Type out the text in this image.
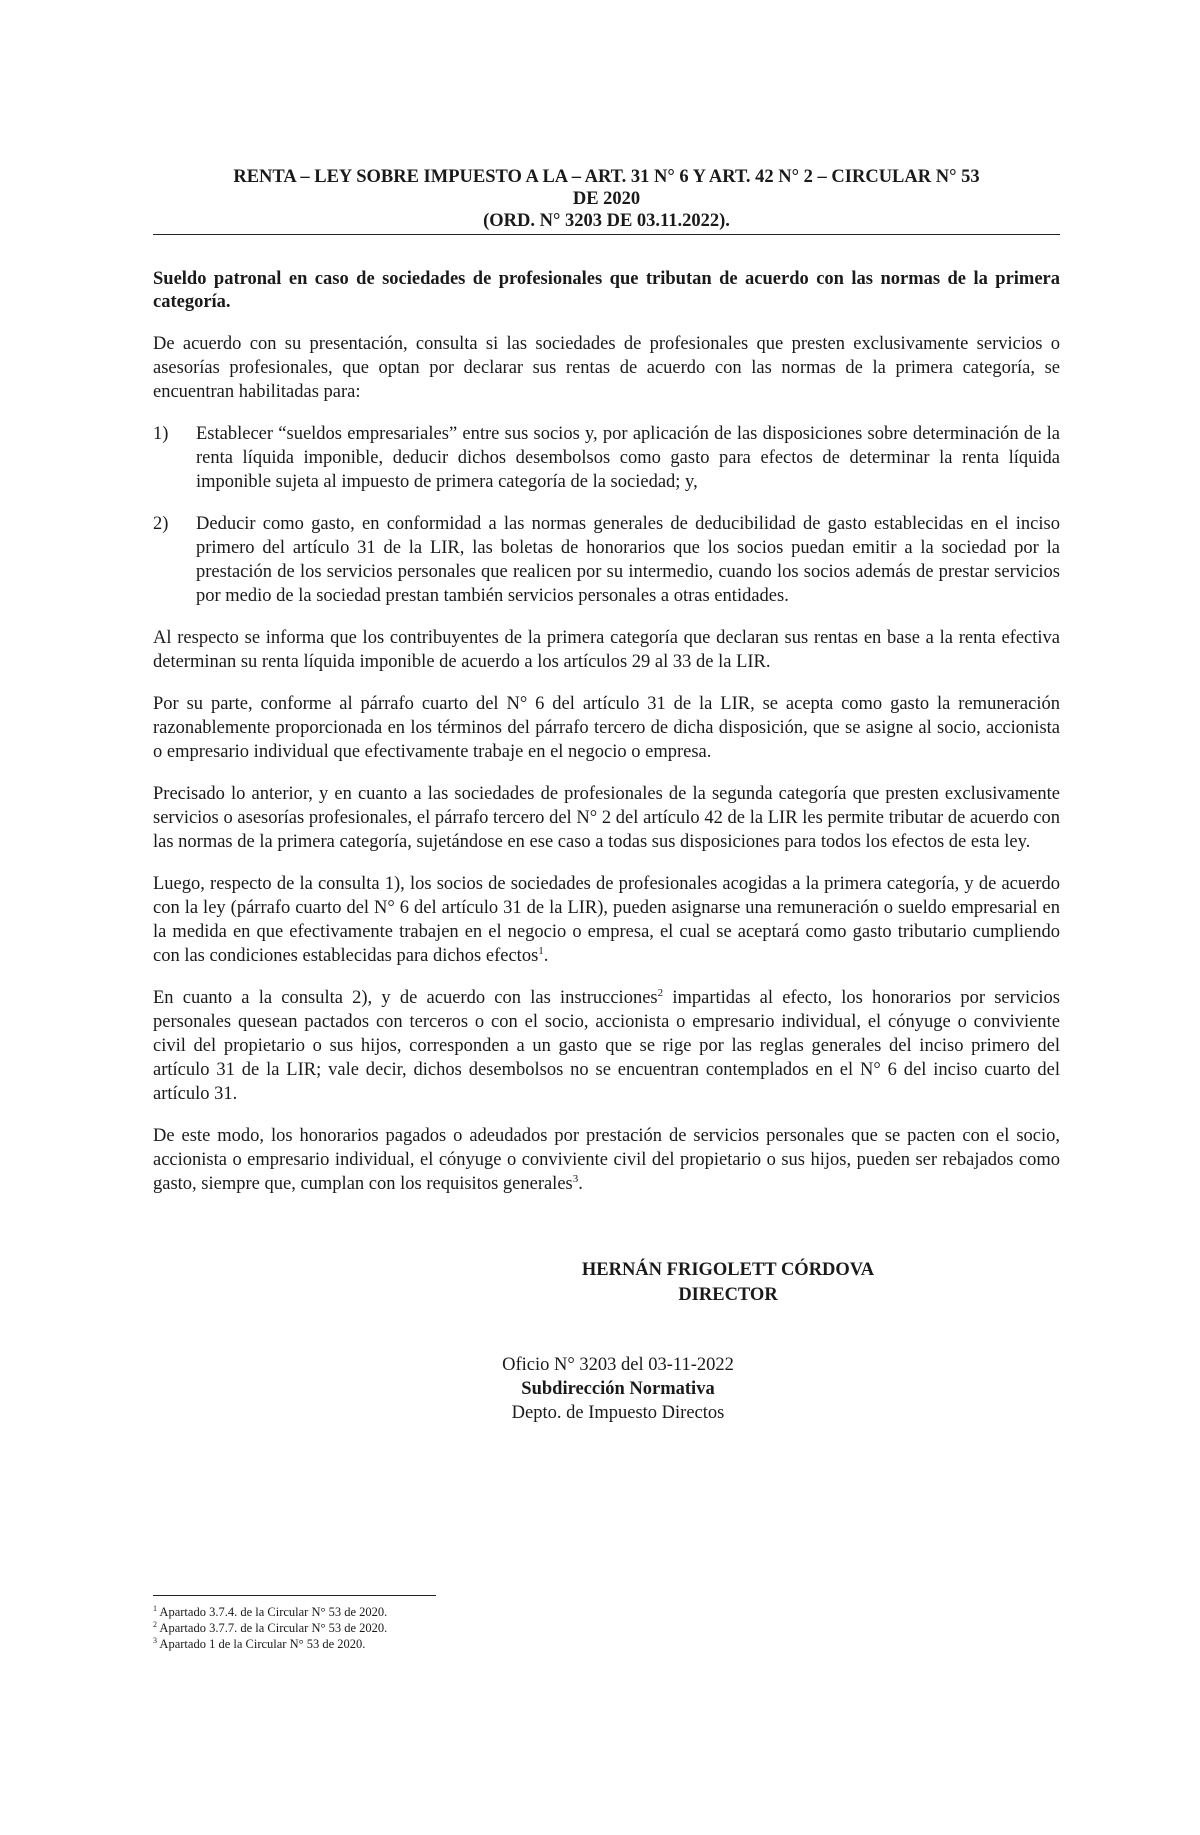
RENTA – LEY SOBRE IMPUESTO A LA – ART. 31 N° 6 Y ART. 42 N° 2 – CIRCULAR N° 53
DE 2020
(ORD. N° 3203 DE 03.11.2022).
Sueldo patronal en caso de sociedades de profesionales que tributan de acuerdo con las normas de la primera categoría.

De acuerdo con su presentación, consulta si las sociedades de profesionales que presten exclusivamente servicios o asesorías profesionales, que optan por declarar sus rentas de acuerdo con las normas de la primera categoría, se encuentran habilitadas para:

1)	Establecer “sueldos empresariales” entre sus socios y, por aplicación de las disposiciones sobre determinación de la renta líquida imponible, deducir dichos desembolsos como gasto para efectos de determinar la renta líquida imponible sujeta al impuesto de primera categoría de la sociedad; y,
2)	Deducir como gasto, en conformidad a las normas generales de deducibilidad de gasto establecidas en el inciso primero del artículo 31 de la LIR, las boletas de honorarios que los socios puedan emitir a la sociedad por la prestación de los servicios personales que realicen por su intermedio, cuando los socios además de prestar servicios por medio de la sociedad prestan también servicios personales a otras entidades.

Al respecto se informa que los contribuyentes de la primera categoría que declaran sus rentas en base a la renta efectiva determinan su renta líquida imponible de acuerdo a los artículos 29 al 33 de la LIR.

Por su parte, conforme al párrafo cuarto del N° 6 del artículo 31 de la LIR, se acepta como gasto la remuneración razonablemente proporcionada en los términos del párrafo tercero de dicha disposición, que se asigne al socio, accionista o empresario individual que efectivamente trabaje en el negocio o empresa.

Precisado lo anterior, y en cuanto a las sociedades de profesionales de la segunda categoría que presten exclusivamente servicios o asesorías profesionales, el párrafo tercero del N° 2 del artículo 42 de la LIR les permite tributar de acuerdo con las normas de la primera categoría, sujetándose en ese caso a todas sus disposiciones para todos los efectos de esta ley.

Luego, respecto de la consulta 1), los socios de sociedades de profesionales acogidas a la primera categoría, y de acuerdo con la ley (párrafo cuarto del N° 6 del artículo 31 de la LIR), pueden asignarse una remuneración o sueldo empresarial en la medida en que efectivamente trabajen en el negocio o empresa, el cual se aceptará como gasto tributario cumpliendo con las condiciones establecidas para dichos efectos$^1$.

En cuanto a la consulta 2), y de acuerdo con las instrucciones$^2$ impartidas al efecto, los honorarios por servicios personales quesean pactados con terceros o con el socio, accionista o empresario individual, el cónyuge o conviviente civil del propietario o sus hijos, corresponden a un gasto que se rige por las reglas generales del inciso primero del artículo 31 de la LIR; vale decir, dichos desembolsos no se encuentran contemplados en el N° 6 del inciso cuarto del artículo 31.

De este modo, los honorarios pagados o adeudados por prestación de servicios personales que se pacten con el socio, accionista o empresario individual, el cónyuge o conviviente civil del propietario o sus hijos, pueden ser rebajados como gasto, siempre que, cumplan con los requisitos generales$^3$.

HERNÁN FRIGOLETT CÓRDOVA
DIRECTOR
Oficio N° 3203 del 03-11-2022
Subdirección Normativa
Depto. de Impuesto Directos
$^1$ Apartado 3.7.4. de la Circular N° 53 de 2020.
$^2$ Apartado 3.7.7. de la Circular N° 53 de 2020.
$^3$ Apartado 1 de la Circular N° 53 de 2020.
